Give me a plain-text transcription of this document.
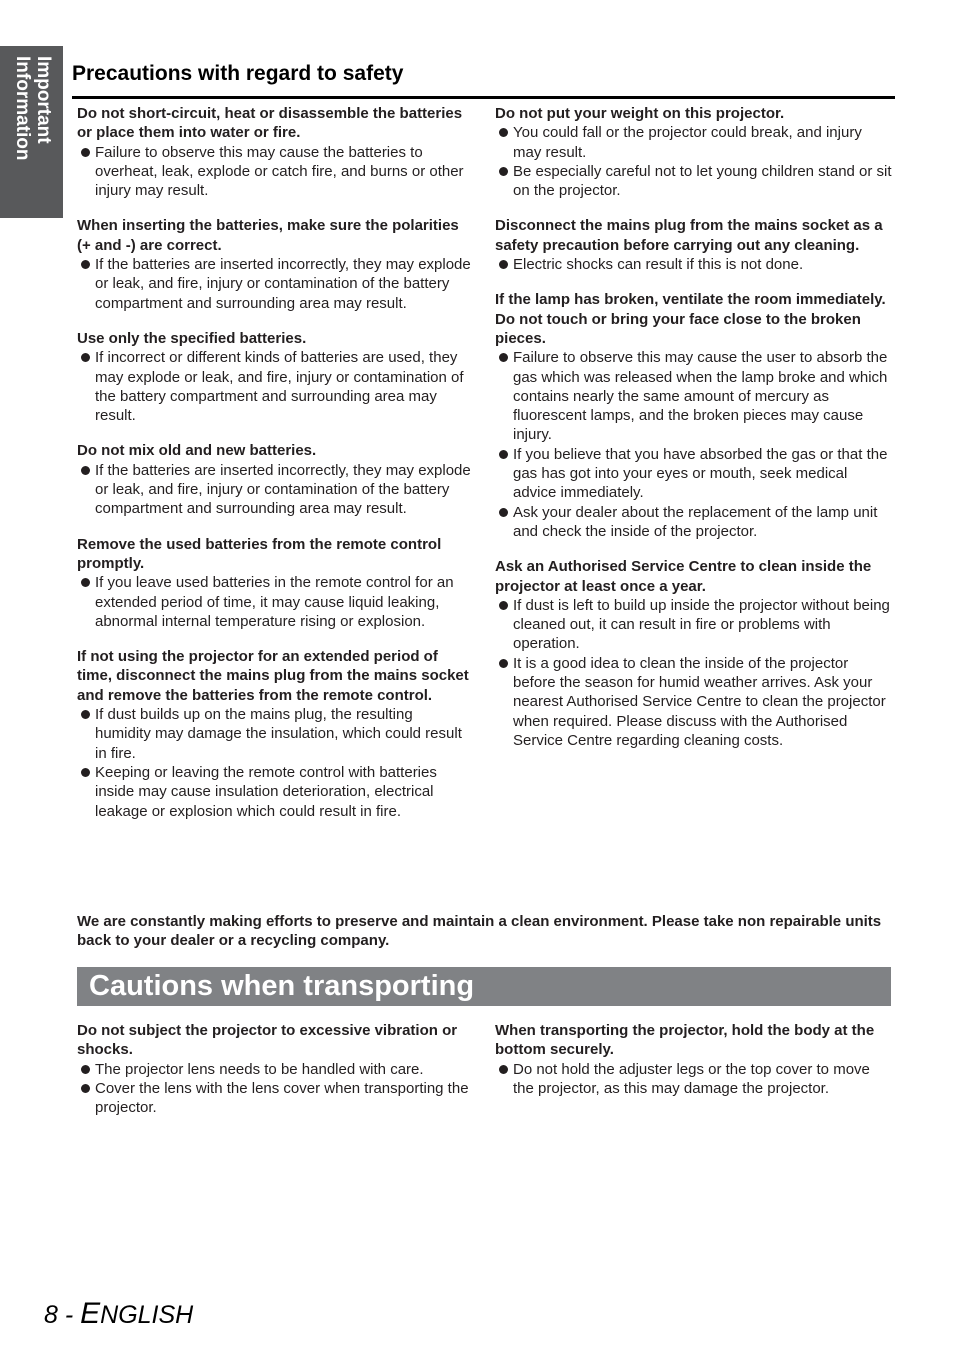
Important
Information	Precautions with regard to safety

Do not short-circuit, heat or disassemble the batteries or place them into water or fire.

Failure to observe this may cause the batteries to overheat, leak, explode or catch fire, and burns or other injury may result.

When inserting the batteries, make sure the polarities (+ and -) are correct.

If the batteries are inserted incorrectly, they may explode or leak, and fire, injury or contamination of the battery compartment and surrounding area may result.

Use only the specified batteries.

If incorrect or different kinds of batteries are used, they may explode or leak, and fire, injury or contamination of the battery compartment and surrounding area may result.

Do not mix old and new batteries.

If the batteries are inserted incorrectly, they may explode or leak, and fire, injury or contamination of the battery compartment and surrounding area may result.

Remove the used batteries from the remote control promptly.

If you leave used batteries in the remote control for an extended period of time, it may cause liquid leaking, abnormal internal temperature rising or explosion.

If not using the projector for an extended period of time, disconnect the mains plug from the mains socket and remove the batteries from the remote control.

If dust builds up on the mains plug, the resulting humidity may damage the insulation, which could result in fire.
Keeping or leaving the remote control with batteries inside may cause insulation deterioration, electrical leakage or explosion which could result in fire.

Do not put your weight on this projector.

You could fall or the projector could break, and injury may result.
Be especially careful not to let young children stand or sit on the projector.

Disconnect the mains plug from the mains socket as a safety precaution before carrying out any cleaning.

Electric shocks can result if this is not done.

If the lamp has broken, ventilate the room immediately. Do not touch or bring your face close to the broken pieces.

Failure to observe this may cause the user to absorb the gas which was released when the lamp broke and which contains nearly the same amount of mercury as fluorescent lamps, and the broken pieces may cause injury.
If you believe that you have absorbed the gas or that the gas has got into your eyes or mouth, seek medical advice immediately.
Ask your dealer about the replacement of the lamp unit and check the inside of the projector.

Ask an Authorised Service Centre to clean inside the projector at least once a year.

If dust is left to build up inside the projector without being cleaned out, it can result in fire or problems with operation.
It is a good idea to clean the inside of the projector before the season for humid weather arrives. Ask your nearest Authorised Service Centre to clean the projector when required. Please discuss with the Authorised Service Centre regarding cleaning costs.
We are constantly making efforts to preserve and maintain a clean environment. Please take non repairable units back to your dealer or a recycling company.
Cautions when transporting

Do not subject the projector to excessive vibration or shocks.

The projector lens needs to be handled with care.
Cover the lens with the lens cover when transporting the projector.

When transporting the projector, hold the body at the bottom securely.

Do not hold the adjuster legs or the top cover to move the projector, as this may damage the projector.
8 - ENGLISH
